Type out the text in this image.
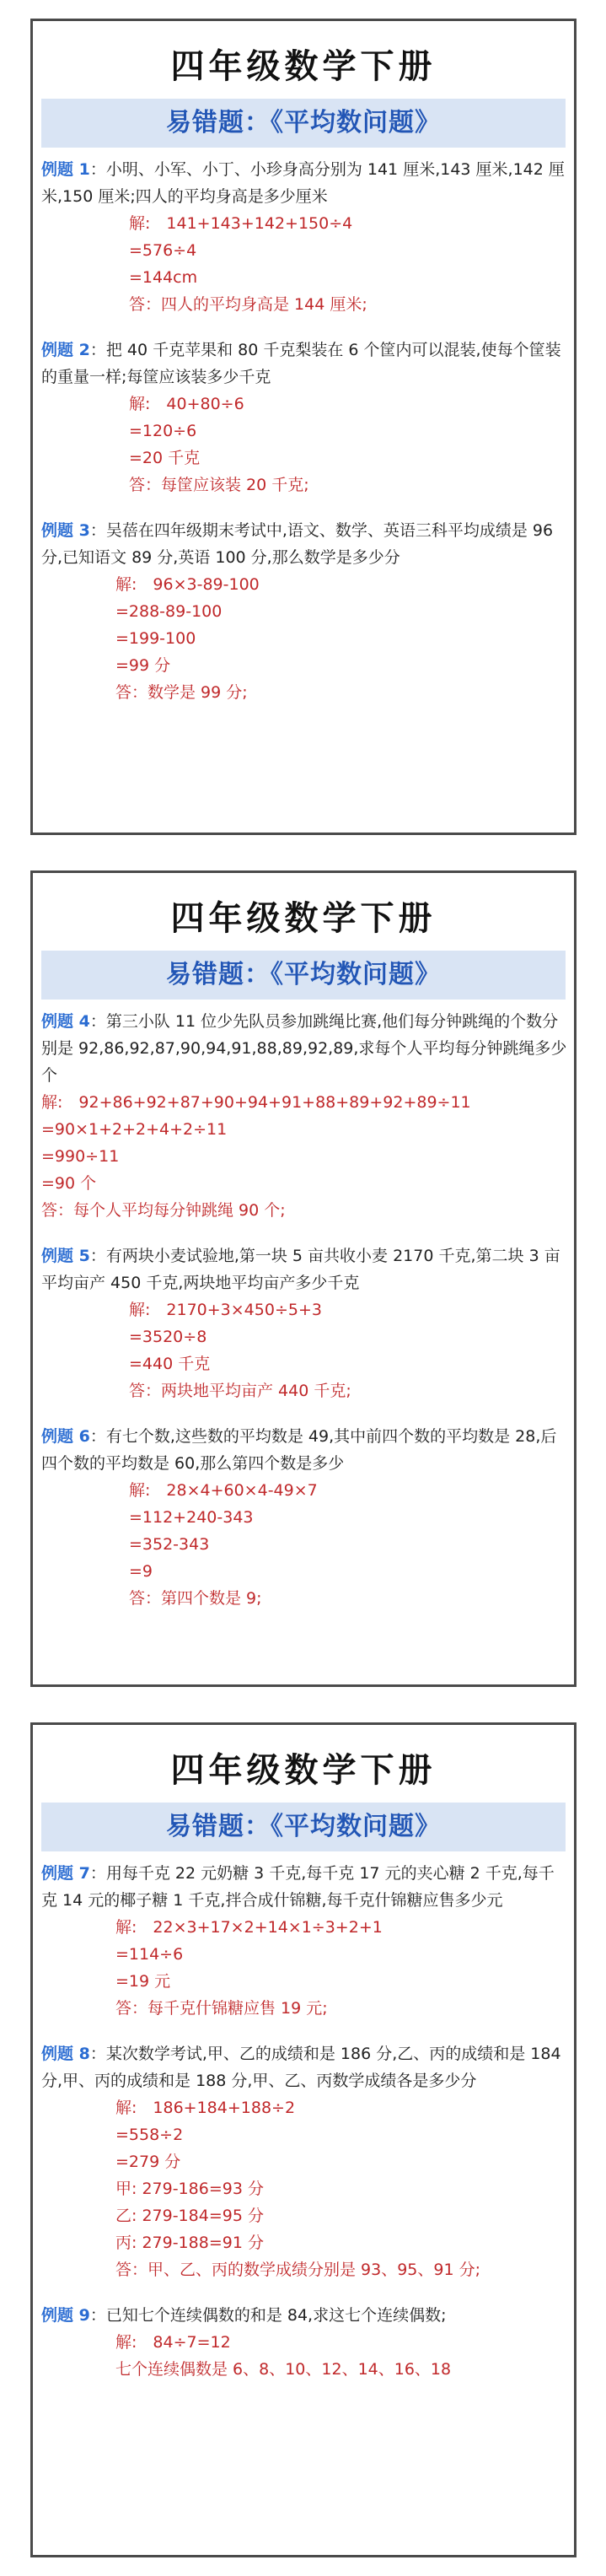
四年级数学下册
易错题：《平均数问题》

例题 1：小明、小军、小丁、小珍身高分别为 141 厘米,143 厘米,142 厘米,150 厘米;四人的平均身高是多少厘米

解:　141+143+142+150÷4
=576÷4
=144cm
答：四人的平均身高是 144 厘米;

例题 2：把 40 千克苹果和 80 千克梨装在 6 个筐内可以混装,使每个筐装的重量一样;每筐应该装多少千克

解:　40+80÷6
=120÷6
=20 千克
答：每筐应该装 20 千克;

例题 3：吴蓓在四年级期末考试中,语文、数学、英语三科平均成绩是 96 分,已知语文 89 分,英语 100 分,那么数学是多少分

解:　96×3-89-100
=288-89-100
=199-100
=99 分
答：数学是 99 分;
四年级数学下册
易错题：《平均数问题》

例题 4：第三小队 11 位少先队员参加跳绳比赛,他们每分钟跳绳的个数分别是 92,86,92,87,90,94,91,88,89,92,89,求每个人平均每分钟跳绳多少个

解:　92+86+92+87+90+94+91+88+89+92+89÷11
=90×1+2+2+4+2÷11
=990÷11
=90 个
答：每个人平均每分钟跳绳 90 个;

例题 5：有两块小麦试验地,第一块 5 亩共收小麦 2170 千克,第二块 3 亩平均亩产 450 千克,两块地平均亩产多少千克

解:　2170+3×450÷5+3
=3520÷8
=440 千克
答：两块地平均亩产 440 千克;

例题 6：有七个数,这些数的平均数是 49,其中前四个数的平均数是 28,后四个数的平均数是 60,那么第四个数是多少

解:　28×4+60×4-49×7
=112+240-343
=352-343
=9
答：第四个数是 9;
四年级数学下册
易错题：《平均数问题》

例题 7：用每千克 22 元奶糖 3 千克,每千克 17 元的夹心糖 2 千克,每千克 14 元的椰子糖 1 千克,拌合成什锦糖,每千克什锦糖应售多少元

解:　22×3+17×2+14×1÷3+2+1
=114÷6
=19 元
答：每千克什锦糖应售 19 元;

例题 8：某次数学考试,甲、乙的成绩和是 186 分,乙、丙的成绩和是 184 分,甲、丙的成绩和是 188 分,甲、乙、丙数学成绩各是多少分

解:　186+184+188÷2
=558÷2
=279 分
甲: 279-186=93 分
乙: 279-184=95 分
丙: 279-188=91 分
答：甲、乙、丙的数学成绩分别是 93、95、91 分;

例题 9：已知七个连续偶数的和是 84,求这七个连续偶数;

解:　84÷7=12
七个连续偶数是 6、8、10、12、14、16、18
